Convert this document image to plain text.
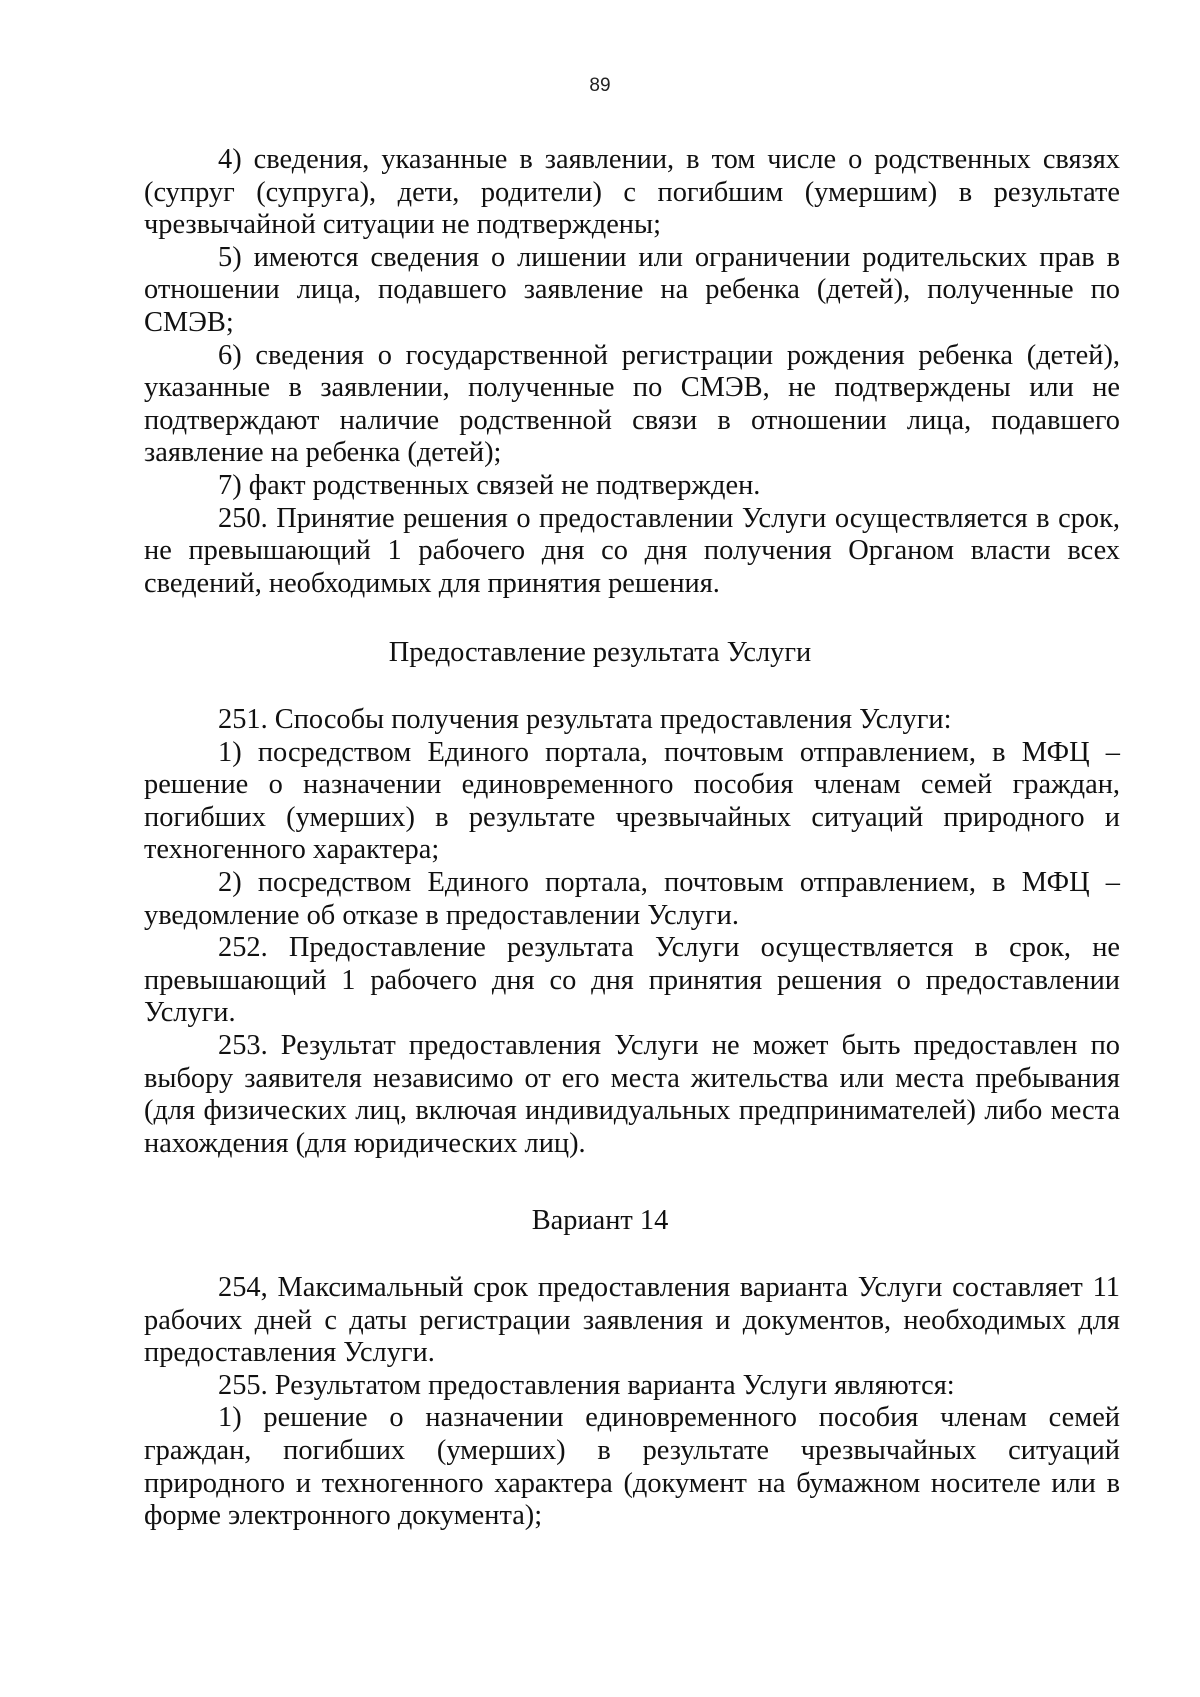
89

4) сведения, указанные в заявлении, в том числе о родственных связях (супруг (супруга), дети, родители) с погибшим (умершим) в результате чрезвычайной ситуации не подтверждены;

5) имеются сведения о лишении или ограничении родительских прав в отношении лица, подавшего заявление на ребенка (детей), полученные по СМЭВ;

6) сведения о государственной регистрации рождения ребенка (детей), указанные в заявлении, полученные по СМЭВ, не подтверждены или не подтверждают наличие родственной связи в отношении лица, подавшего заявление на ребенка (детей);

7) факт родственных связей не подтвержден.

250. Принятие решения о предоставлении Услуги осуществляется в срок, не превышающий 1 рабочего дня со дня получения Органом власти всех сведений, необходимых для принятия решения.

Предоставление результата Услуги

251. Способы получения результата предоставления Услуги:

1) посредством Единого портала, почтовым отправлением, в МФЦ – решение о назначении единовременного пособия членам семей граждан, погибших (умерших) в результате чрезвычайных ситуаций природного и техногенного характера;

2) посредством Единого портала, почтовым отправлением, в МФЦ – уведомление об отказе в предоставлении Услуги.

252. Предоставление результата Услуги осуществляется в срок, не превышающий 1 рабочего дня со дня принятия решения о предоставлении Услуги.

253. Результат предоставления Услуги не может быть предоставлен по выбору заявителя независимо от его места жительства или места пребывания (для физических лиц, включая индивидуальных предпринимателей) либо места нахождения (для юридических лиц).

Вариант 14

254, Максимальный срок предоставления варианта Услуги составляет 11 рабочих дней с даты регистрации заявления и документов, необходимых для предоставления Услуги.

255. Результатом предоставления варианта Услуги являются:

1) решение о назначении единовременного пособия членам семей граждан, погибших (умерших) в результате чрезвычайных ситуаций природного и техногенного характера (документ на бумажном носителе или в форме электронного документа);
